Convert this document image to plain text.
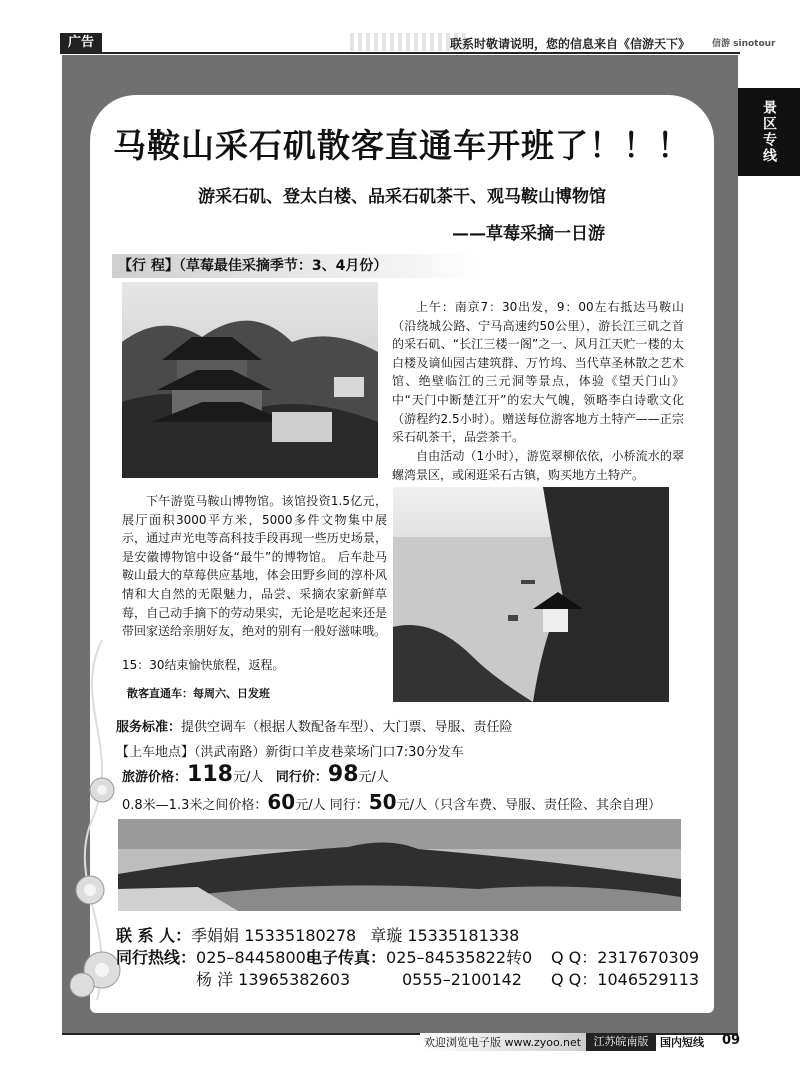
广告	联系时敬请说明，您的信息来自《信游天下》 信游 sinotour
景区专线
马鞍山采石矶散客直通车开班了！！！
游采石矶、登太白楼、品采石矶茶干、观马鞍山博物馆
——草莓采摘一日游
【行 程】（草莓最佳采摘季节：3、4月份）
上午：南京7：30出发，9：00左右抵达马鞍山（沿绕城公路、宁马高速约50公里），游长江三矶之首的采石矶、“长江三楼一阁”之一、风月江天贮一楼的太白楼及谪仙园古建筑群、万竹坞、当代草圣林散之艺术馆、绝壁临江的三元洞等景点，体验《望天门山》中“天门中断楚江开”的宏大气魄，领略李白诗歌文化（游程约2.5小时）。赠送每位游客地方土特产——正宗采石矶茶干，品尝茶干。
自由活动（1小时），游览翠柳依依，小桥流水的翠螺湾景区，或闲逛采石古镇，购买地方土特产。
下午游览马鞍山博物馆。该馆投资1.5亿元，展厅面积3000平方米，5000多件文物集中展示，通过声光电等高科技手段再现一些历史场景，是安徽博物馆中设备“最牛”的博物馆。 后车赴马鞍山最大的草莓供应基地，体会田野乡间的淳朴风情和大自然的无限魅力，品尝、采摘农家新鲜草莓，自己动手摘下的劳动果实，无论是吃起来还是带回家送给亲朋好友，绝对的别有一般好滋味哦。
15：30结束愉快旅程，返程。
散客直通车：每周六、日发班
服务标准：提供空调车（根据人数配备车型）、大门票、导服、责任险
【上车地点】（洪武南路）新街口羊皮巷菜场门口7:30分发车
旅游价格：118元/人 同行价：98元/人
0.8米—1.3米之间价格：60元/人 同行：50元/人（只含车费、导服、责任险、其余自理）
联 系 人：季娟娟 15335180278 章璇 15335181338
同行热线：025–84458008
电子传真：025–84535822转0 Q Q：2317670309
杨 洋 13965382603	0555–2100142 Q Q：1046529113
欢迎浏览电子版 www.zyoo.net	江苏皖南版	国内短线 09
